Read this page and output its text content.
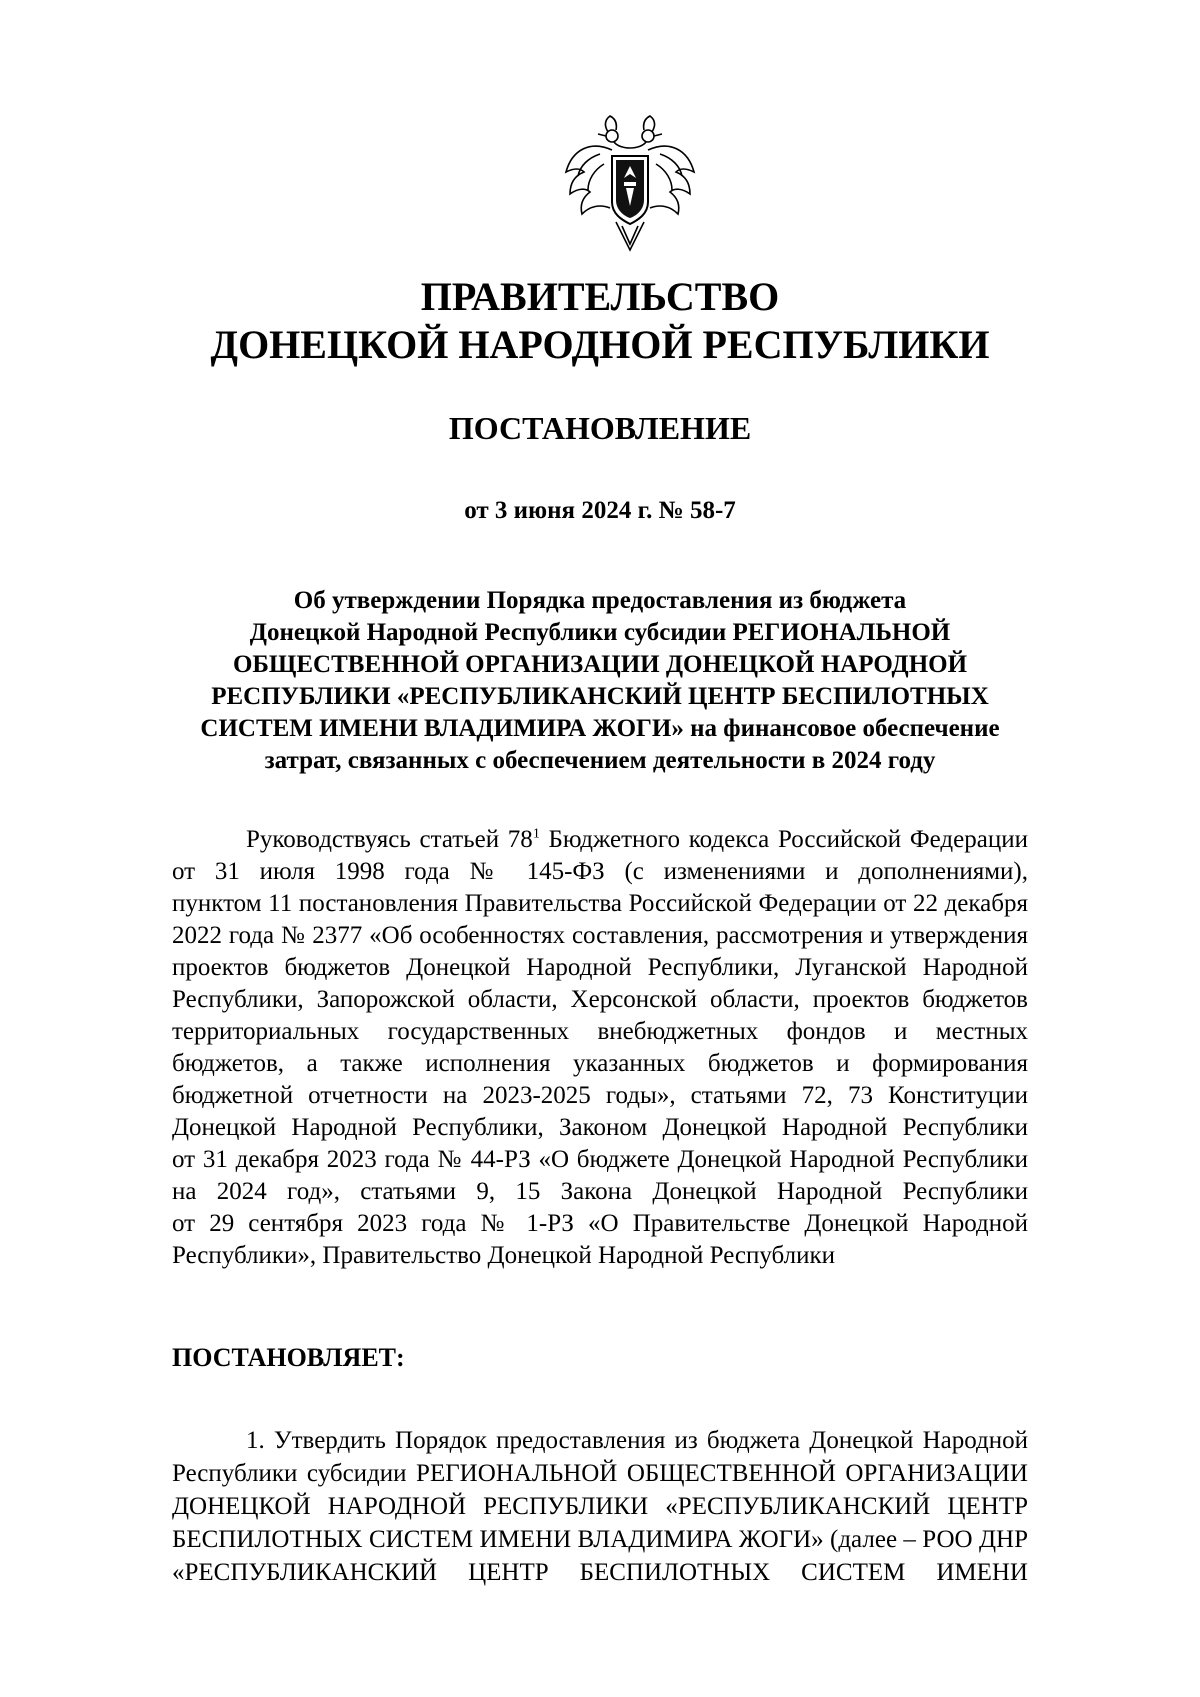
ПРАВИТЕЛЬСТВО
ДОНЕЦКОЙ НАРОДНОЙ РЕСПУБЛИКИ
ПОСТАНОВЛЕНИЕ
от 3 июня 2024 г. № 58-7
Об утверждении Порядка предоставления из бюджета
Донецкой Народной Республики субсидии РЕГИОНАЛЬНОЙ
ОБЩЕСТВЕННОЙ ОРГАНИЗАЦИИ ДОНЕЦКОЙ НАРОДНОЙ
РЕСПУБЛИКИ «РЕСПУБЛИКАНСКИЙ ЦЕНТР БЕСПИЛОТНЫХ
СИСТЕМ ИМЕНИ ВЛАДИМИРА ЖОГИ» на финансовое обеспечение
затрат, связанных с обеспечением деятельности в 2024 году
Руководствуясь статьей $78^1$ Бюджетного кодекса Российской Федерации
от 31 июля 1998 года № 145-ФЗ (с изменениями и дополнениями),
пунктом 11 постановления Правительства Российской Федерации от 22 декабря
2022 года № 2377 «Об особенностях составления, рассмотрения и утверждения
проектов бюджетов Донецкой Народной Республики, Луганской Народной
Республики, Запорожской области, Херсонской области, проектов бюджетов
территориальных государственных внебюджетных фондов и местных
бюджетов, а также исполнения указанных бюджетов и формирования
бюджетной отчетности на 2023-2025 годы», статьями 72, 73 Конституции
Донецкой Народной Республики, Законом Донецкой Народной Республики
от 31 декабря 2023 года № 44-РЗ «О бюджете Донецкой Народной Республики
на 2024 год», статьями 9, 15 Закона Донецкой Народной Республики
от 29 сентября 2023 года № 1-РЗ «О Правительстве Донецкой Народной
Республики», Правительство Донецкой Народной Республики
ПОСТАНОВЛЯЕТ:
1. Утвердить Порядок предоставления из бюджета Донецкой Народной
Республики субсидии РЕГИОНАЛЬНОЙ ОБЩЕСТВЕННОЙ ОРГАНИЗАЦИИ
ДОНЕЦКОЙ НАРОДНОЙ РЕСПУБЛИКИ «РЕСПУБЛИКАНСКИЙ ЦЕНТР
БЕСПИЛОТНЫХ СИСТЕМ ИМЕНИ ВЛАДИМИРА ЖОГИ» (далее – РОО ДНР
«РЕСПУБЛИКАНСКИЙ ЦЕНТР БЕСПИЛОТНЫХ СИСТЕМ ИМЕНИ
